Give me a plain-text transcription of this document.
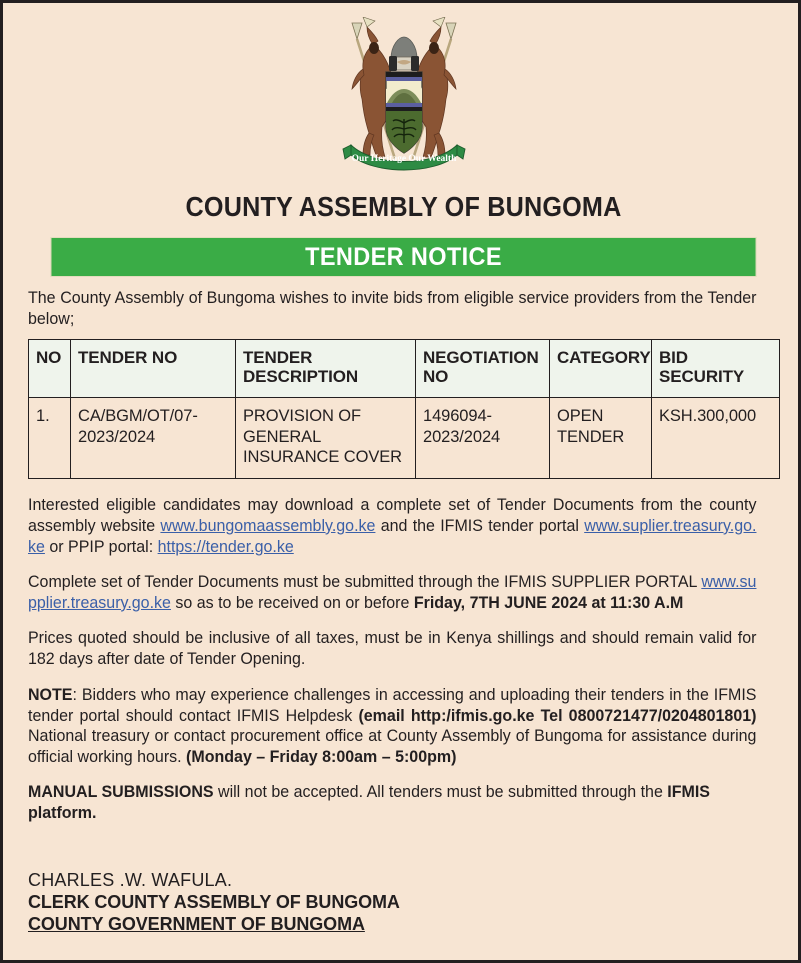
Our Heritage Our Wealth
COUNTY ASSEMBLY OF BUNGOMA
TENDER NOTICE
The County Assembly of Bungoma wishes to invite bids from eligible service providers from the Tender below;
NO	TENDER NO	TENDER DESCRIPTION	NEGOTIATION NO	CATEGORY	BID SECURITY
1.	CA/BGM/OT/07-2023/2024	PROVISION OF GENERAL INSURANCE COVER	1496094-2023/2024	OPEN TENDER	KSH.300,000
Interested eligible candidates may download a complete set of Tender Documents from the county assembly website www.bungomaassembly.go.ke and the IFMIS tender portal www.suplier.treasury.go.ke or PPIP portal: https://tender.go.ke
Complete set of Tender Documents must be submitted through the IFMIS SUPPLIER PORTAL www.supplier.treasury.go.ke so as to be received on or before Friday, 7TH JUNE 2024 at 11:30 A.M
Prices quoted should be inclusive of all taxes, must be in Kenya shillings and should remain valid for 182 days after date of Tender Opening.
NOTE: Bidders who may experience challenges in accessing and uploading their tenders in the IFMIS tender portal should contact IFMIS Helpdesk (email http:/ifmis.go.ke Tel 0800721477/0204801801) National treasury or contact procurement office at County Assembly of Bungoma for assistance during official working hours. (Monday – Friday 8:00am – 5:00pm)
MANUAL SUBMISSIONS will not be accepted. All tenders must be submitted through the IFMIS platform.
CHARLES .W. WAFULA.
CLERK COUNTY ASSEMBLY OF BUNGOMA
COUNTY GOVERNMENT OF BUNGOMA
